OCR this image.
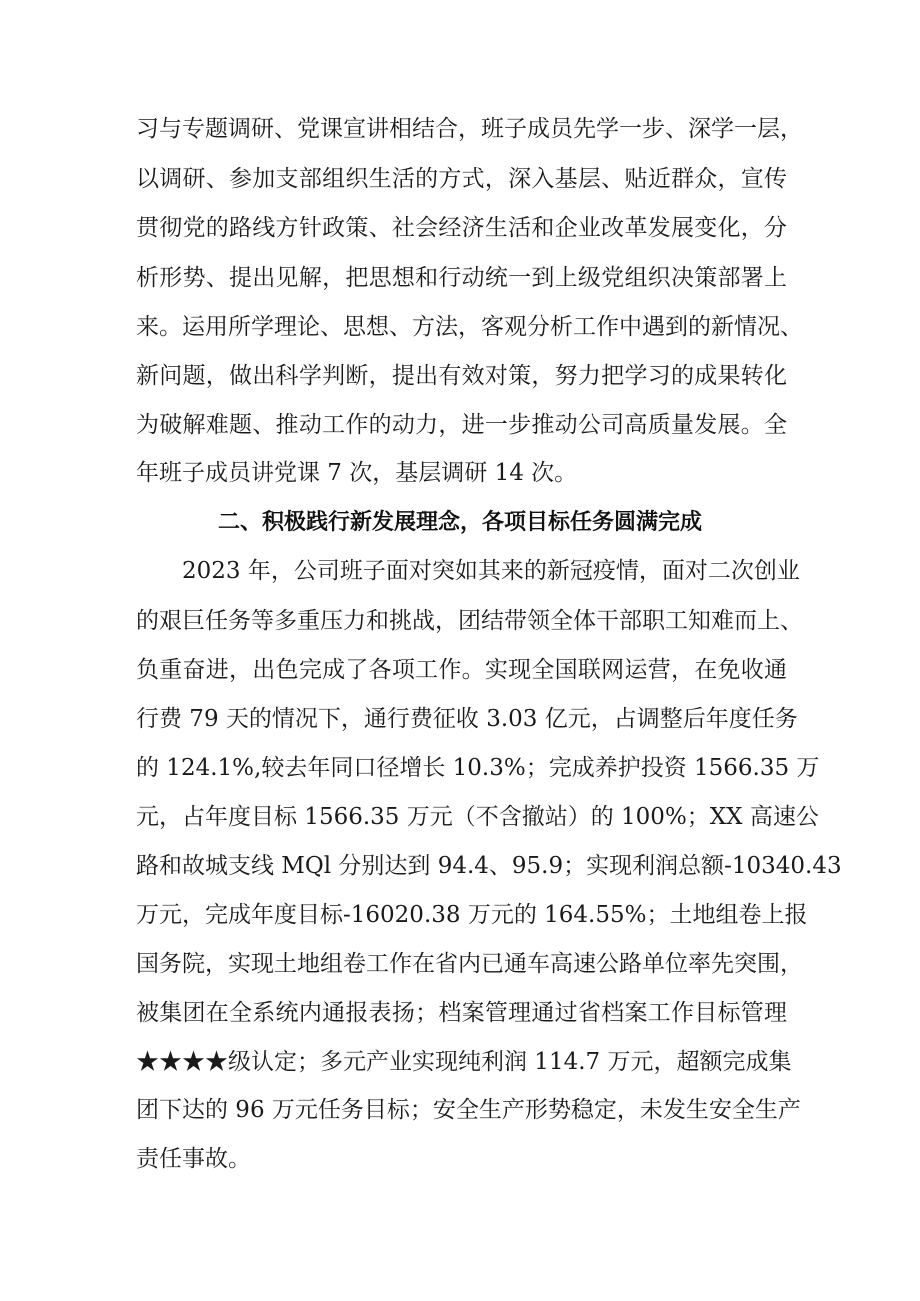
习与专题调研、党课宣讲相结合，班子成员先学一步、深学一层，
以调研、参加支部组织生活的方式，深入基层、贴近群众，宣传
贯彻党的路线方针政策、社会经济生活和企业改革发展变化，分
析形势、提出见解，把思想和行动统一到上级党组织决策部署上
来。运用所学理论、思想、方法，客观分析工作中遇到的新情况、
新问题，做出科学判断，提出有效对策，努力把学习的成果转化
为破解难题、推动工作的动力，进一步推动公司高质量发展。全
年班子成员讲党课 7 次，基层调研 14 次。
二、积极践行新发展理念，各项目标任务圆满完成
2023 年，公司班子面对突如其来的新冠疫情，面对二次创业
的艰巨任务等多重压力和挑战，团结带领全体干部职工知难而上、
负重奋进，出色完成了各项工作。实现全国联网运营，在免收通
行费 79 天的情况下，通行费征收 3.03 亿元，占调整后年度任务
的 124.1%,较去年同口径增长 10.3%；完成养护投资 1566.35 万
元，占年度目标 1566.35 万元（不含撤站）的 100%；XX 高速公
路和故城支线 MQl 分别达到 94.4、95.9；实现利润总额-10340.43
万元，完成年度目标-16020.38 万元的 164.55%；土地组卷上报
国务院，实现土地组卷工作在省内已通车高速公路单位率先突围，
被集团在全系统内通报表扬；档案管理通过省档案工作目标管理
★★★★级认定；多元产业实现纯利润 114.7 万元，超额完成集
团下达的 96 万元任务目标；安全生产形势稳定，未发生安全生产
责任事故。
